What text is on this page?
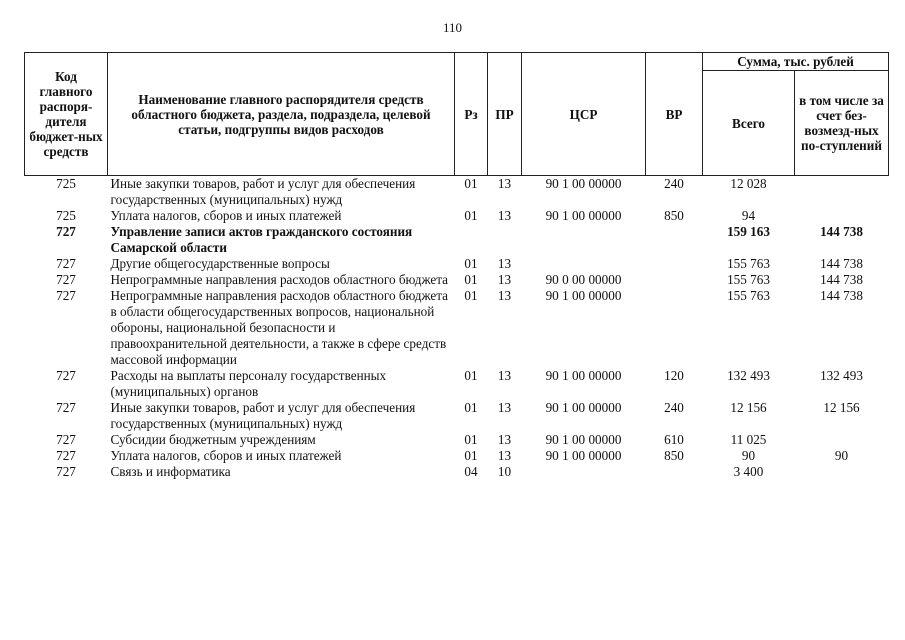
110
Код главного распоря-дителя бюджет-ных средств	Наименование главного распорядителя средств областного бюджета, раздела, подраздела, целевой статьи, подгруппы видов расходов	Рз	ПР	ЦСР	ВР	Сумма, тыс. рублей	
						Всего	в том числе за счет без-возмезд-ных по-ступлений
725	Иные закупки товаров, работ и услуг для обеспечения государственных (муниципальных) нужд	01	13	90 1 00 00000	240	12 028	
725	Уплата налогов, сборов и иных платежей	01	13	90 1 00 00000	850	94	
727	Управление записи актов гражданского состояния Самарской области					159 163	144 738
727	Другие общегосударственные вопросы	01	13			155 763	144 738
727	Непрограммные направления расходов областного бюджета	01	13	90 0 00 00000		155 763	144 738
727	Непрограммные направления расходов областного бюджета в области общегосударственных вопросов, национальной обороны, национальной безопасности и правоохранительной деятельности, а также в сфере средств массовой информации	01	13	90 1 00 00000		155 763	144 738
727	Расходы на выплаты персоналу государственных (муниципальных) органов	01	13	90 1 00 00000	120	132 493	132 493
727	Иные закупки товаров, работ и услуг для обеспечения государственных (муниципальных) нужд	01	13	90 1 00 00000	240	12 156	12 156
727	Субсидии бюджетным учреждениям	01	13	90 1 00 00000	610	11 025	
727	Уплата налогов, сборов и иных платежей	01	13	90 1 00 00000	850	90	90
727	Связь и информатика	04	10			3 400	
